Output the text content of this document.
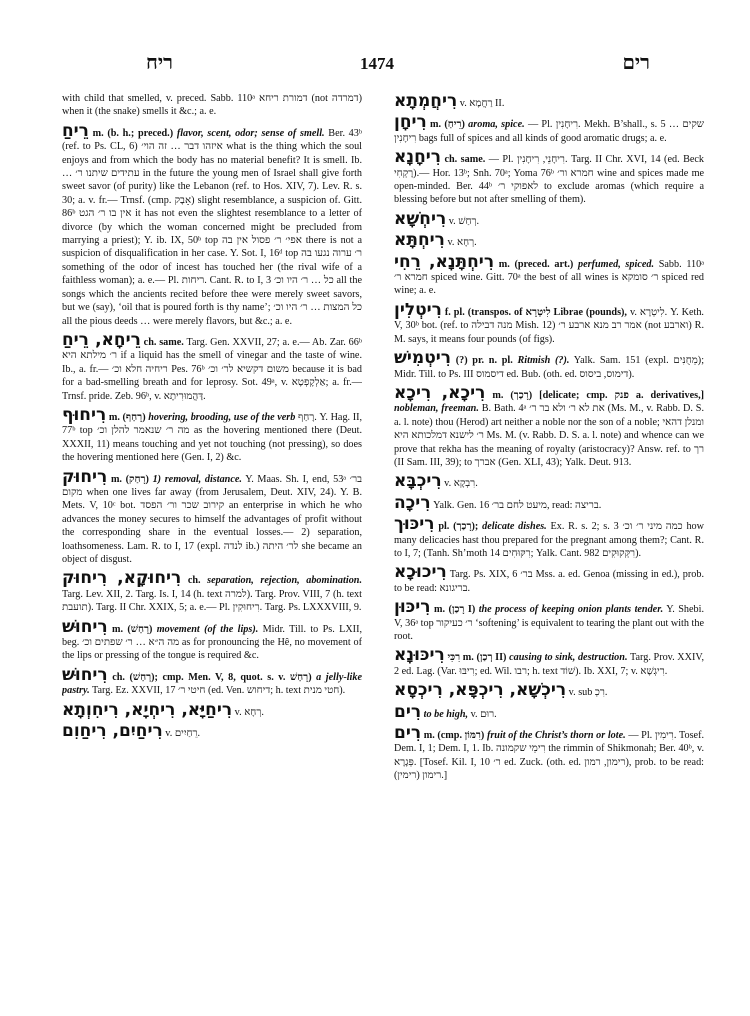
ריח	1474	רים

with child that smelled, v. preced. Sabb. 110ᵃ דמורת ריחא (not דמרדה) when it (the snake) smells it &c.; a. e.

רֵיחַ m. (b. h.; preced.) flavor, scent, odor; sense of smell. Ber. 43ᵇ (ref. to Ps. CL, 6) איזהו דבר … זה הוי׳ what is the thing which the soul enjoys and from which the body has no material benefit? It is smell. Ib. … עתידים שיתנו ר׳ in the future the young men of Israel shall give forth sweet savor (of purity) like the Lebanon (ref. to Hos. XIV, 7). Lev. R. s. 30; a. v. fr.— Trnsf. (cmp. אָבָק) slight resemblance, a suspicion of. Gitt. 86ᵇ אין בו ר׳ הגט it has not even the slightest resemblance to a letter of divorce (by which the woman concerned might be precluded from marrying a priest); Y. ib. IX, 50ᵇ top אפי׳ ר׳ פסול אין בה there is not a suspicion of disqualification in her case. Y. Sot. I, 16ᵈ top ר׳ ערוה נגעו בה something of the odor of incest has touched her (the rival wife of a faithless woman); a. e.— Pl. ריחות. Cant. R. to I, 3 כל … ר׳ היו וכ׳ all the songs which the ancients recited before thee were merely sweet savors, but we (say), ‘oil that is poured forth is thy name’; כל המצות … ר׳ היו וכ׳ all the pious deeds … were merely flavors, but &c.; a. e.

רֵיחָא, רֵיחַ ch. same. Targ. Gen. XXVII, 27; a. e.— Ab. Zar. 66ᵇ ר׳ מילתא היא if a liquid has the smell of vinegar and the taste of wine. Ib., a. fr.— ריחיה חלא וכ׳ Pes. 76ᵇ משום דקשיא לר׳ וכ׳ because it is bad for a bad-smelling breath and for leprosy. Sot. 49ᵃ, v. אַלְקָפְטָא; a. fr.— Trnsf. pride. Zeb. 96ᵇ, v. דַּהֲמוּרִיתָא.

רִיחוּף m. (רָחַף) hovering, brooding, use of the verb רָחַף. Y. Hag. II, 77ᵇ top מה ר׳ שנאמר להלן וכ׳ as the hovering mentioned there (Deut. XXXII, 11) means touching and yet not touching (not pressing), so does the hovering mentioned here (Gen. I, 2) &c.

רִיחוּק m. (רָחַק) 1) removal, distance. Y. Maas. Sh. I, end, 53ᵃ בר׳ מקום when one lives far away (from Jerusalem, Deut. XIV, 24). Y. B. Mets. V, 10ᶜ bot. קירוב שכר ור׳ הפסד an enterprise in which he who advances the money secures to himself the advantages of profit without the corresponding share in the eventual losses.— 2) separation, loathsomeness. Lam. R. to I, 17 (expl. לנדה ib.) לר׳ היתה she became an object of disgust.

רִיחוּקָא, רִיחוּק ch. separation, rejection, abomination. Targ. Lev. XII, 2. Targ. Is. I, 14 (h. text למרה). Targ. Prov. VIII, 7 (h. text תועבת). Targ. II Chr. XXIX, 5; a. e.— Pl. רִיחוּקִין. Targ. Ps. LXXXVIII, 9.

רִיחוּשׁ m. (רָחַשׁ) movement (of the lips). Midr. Till. to Ps. LXII, beg. מה ה״א … ר׳ שפתים וכ׳ as for pronouncing the Hê, no movement of the lips or pressing of the tongue is required &c.

רִיחוּשׁ ch. (רְחַשׁ); cmp. Men. V, 8, quot. s. v. רָחַשׁ) a jelly-like pastry. Targ. Ez. XXVII, 17 חיטי ר׳ (ed. Ven. דיחוש; h. text חטי מנית).

רִיחַיָּא, רִיחְיָא, רִיחִוְתָא v. רְחָא.

רִיחַיִם, רִיחַוִם v. רֵחַיִים.

רִיחֲמְתָא v. רַחֲמָא II.

רִיחָן m. (רֵיחַ) aroma, spice. — Pl. רִיחָנִין. Mekh. B’shall., s. 5 שקים … רִיחָנִין bags full of spices and all kinds of good aromatic drugs; a. e.

רִיחָנָא ch. same. — Pl. רִיחָנֵי, רִיחָנִין. Targ. II Chr. XVI, 14 (ed. Beck רָקְחִי).— Hor. 13ᵇ; Snh. 70ᵃ; Yoma 76ᵇ חמרא ור׳ wine and spices made me open-minded. Ber. 44ᵇ לאפוקי ר׳ to exclude aromas (which require a blessing before but not after smelling of them).

רִיחְשָׁא v. רְחַשׁ.

רִיחְתָּא v. רְחָא.

רִיחְתָּנָא, רֵחִי m. (preced. art.) perfumed, spiced. Sabb. 110ᵃ חמרא ר׳ spiced wine. Gitt. 70ᵃ the best of all wines is ר׳ סומקא spiced red wine; a. e.

רִיטְלִין f. pl. (transpos. of לִיטְרָא Librae (pounds), v. לִיטְרָא. Y. Keth. V, 30ᵇ bot. (ref. to מנה דבילה Mish. 12) אמר רב מנא ארבע ר׳ (not וארבע) R. M. says, it means four pounds (of figs).

רִיטְמִישׁ (?) pr. n. pl. Ritmish (?). Yalk. Sam. 151 (expl. מֵחֻנִּים); Midr. Till. to Ps. III דיסמוס ed. Bub. (oth. ed. דימוס, ביסוס).

רִיכָא, רִיכָא m. (רָכַך) [delicate; cmp. פנק a. derivatives,] nobleman, freeman. B. Bath. 4ᵃ את לא ר׳ ולא בר ר׳ (Ms. M., v. Rabb. D. S. a. l. note) thou (Herod) art neither a noble nor the son of a noble; ומנלן דהאי ר׳ לישנא דמלכותא היא Ms. M. (v. Rabb. D. S. a. l. note) and whence can we prove that rekha has the meaning of royalty (aristocracy)? Answ. ref. to רך (II Sam. III, 39); to אברך (Gen. XLI, 43); Yalk. Deut. 913.

רִיכְבָּא v. רִבְקָא.

רִיכָה Yalk. Gen. 16 מיעט לחם בר׳, read: בריצה.

רִיכּוּך pl. (רָכַך); delicate dishes. Ex. R. s. 2; s. 3 כמה מיני ר׳ וכ׳ how many delicacies hast thou prepared for the pregnant among them?; Cant. R. to I, 7; (Tanh. Sh’moth 14 רִקּוּחִים; Yalk. Cant. 982 רִקְּקוּקִים).

רִיכוּכָא Targ. Ps. XIX, 6 בר׳ Mss. a. ed. Genoa (missing in ed.), prob. to be read: בריגונא.

רִיכּוּן m. (רָכַן I) the process of keeping onion plants tender. Y. Shebi. V, 36ᵃ top ר׳ כעיקור ‘softening’ is equivalent to tearing the plant out with the root.

רִיכּוּנָא רִכִּי m. (רְכַן II) causing to sink, destruction. Targ. Prov. XXIV, 2 ed. Lag. (Var. רִיבּוּ; ed. Wil. רבו; h. text שׁוֹד). Ib. XXI, 7; v. רִיגְשָׁא.

רִיכְשָׁא, רִיכְפָּא, רִיכְסָא v. sub רִכְ.

רִים to be high, v. רוּם.

רִים m. (cmp. רִמּוֹן) fruit of the Christ’s thorn or lote. — Pl. רִימִין. Tosef. Dem. I, 1; Dem. I, 1. Ib. רִימֵי שקמונה the rimmin of Shikmonah; Ber. 40ᵇ, v. פְּגָרָא. [Tosef. Kil. I, 10 ר׳ ed. Zuck. (oth. ed. רימון, רמון), prob. to be read: רימון (רימין).]
